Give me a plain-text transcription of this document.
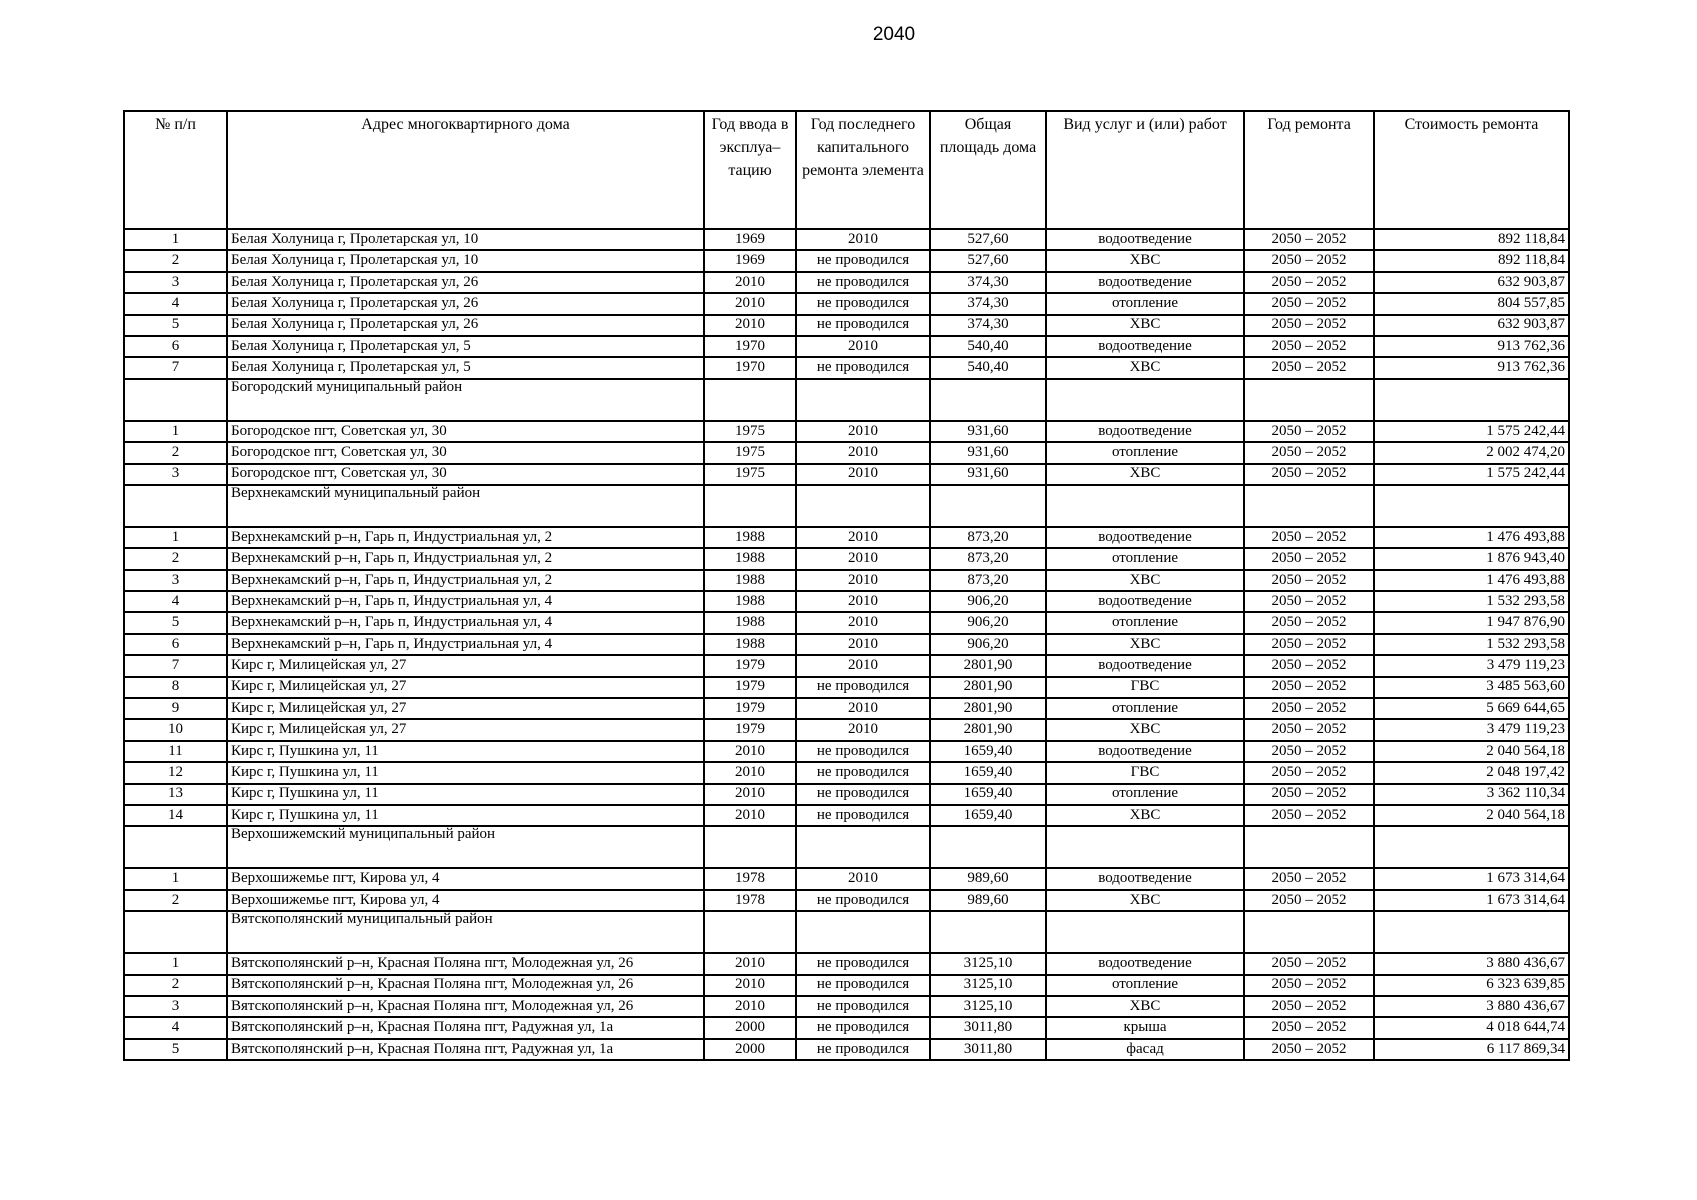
2040
№ п/п	Адрес многоквартирного дома	Год ввода в эксплуа– тацию	Год последнего капитального ремонта элемента	Общая площадь дома	Вид услуг и (или) работ	Год ремонта	Стоимость ремонта
1	Белая Холуница г, Пролетарская ул, 10	1969	2010	527,60	водоотведение	2050 – 2052	892 118,84
2	Белая Холуница г, Пролетарская ул, 10	1969	не проводился	527,60	ХВС	2050 – 2052	892 118,84
3	Белая Холуница г, Пролетарская ул, 26	2010	не проводился	374,30	водоотведение	2050 – 2052	632 903,87
4	Белая Холуница г, Пролетарская ул, 26	2010	не проводился	374,30	отопление	2050 – 2052	804 557,85
5	Белая Холуница г, Пролетарская ул, 26	2010	не проводился	374,30	ХВС	2050 – 2052	632 903,87
6	Белая Холуница г, Пролетарская ул, 5	1970	2010	540,40	водоотведение	2050 – 2052	913 762,36
7	Белая Холуница г, Пролетарская ул, 5	1970	не проводился	540,40	ХВС	2050 – 2052	913 762,36
	Богородский муниципальный район						
1	Богородское пгт, Советская ул, 30	1975	2010	931,60	водоотведение	2050 – 2052	1 575 242,44
2	Богородское пгт, Советская ул, 30	1975	2010	931,60	отопление	2050 – 2052	2 002 474,20
3	Богородское пгт, Советская ул, 30	1975	2010	931,60	ХВС	2050 – 2052	1 575 242,44
	Верхнекамский муниципальный район						
1	Верхнекамский р–н, Гарь п, Индустриальная ул, 2	1988	2010	873,20	водоотведение	2050 – 2052	1 476 493,88
2	Верхнекамский р–н, Гарь п, Индустриальная ул, 2	1988	2010	873,20	отопление	2050 – 2052	1 876 943,40
3	Верхнекамский р–н, Гарь п, Индустриальная ул, 2	1988	2010	873,20	ХВС	2050 – 2052	1 476 493,88
4	Верхнекамский р–н, Гарь п, Индустриальная ул, 4	1988	2010	906,20	водоотведение	2050 – 2052	1 532 293,58
5	Верхнекамский р–н, Гарь п, Индустриальная ул, 4	1988	2010	906,20	отопление	2050 – 2052	1 947 876,90
6	Верхнекамский р–н, Гарь п, Индустриальная ул, 4	1988	2010	906,20	ХВС	2050 – 2052	1 532 293,58
7	Кирс г, Милицейская ул, 27	1979	2010	2801,90	водоотведение	2050 – 2052	3 479 119,23
8	Кирс г, Милицейская ул, 27	1979	не проводился	2801,90	ГВС	2050 – 2052	3 485 563,60
9	Кирс г, Милицейская ул, 27	1979	2010	2801,90	отопление	2050 – 2052	5 669 644,65
10	Кирс г, Милицейская ул, 27	1979	2010	2801,90	ХВС	2050 – 2052	3 479 119,23
11	Кирс г, Пушкина ул, 11	2010	не проводился	1659,40	водоотведение	2050 – 2052	2 040 564,18
12	Кирс г, Пушкина ул, 11	2010	не проводился	1659,40	ГВС	2050 – 2052	2 048 197,42
13	Кирс г, Пушкина ул, 11	2010	не проводился	1659,40	отопление	2050 – 2052	3 362 110,34
14	Кирс г, Пушкина ул, 11	2010	не проводился	1659,40	ХВС	2050 – 2052	2 040 564,18
	Верхошижемский муниципальный район						
1	Верхошижемье пгт, Кирова ул, 4	1978	2010	989,60	водоотведение	2050 – 2052	1 673 314,64
2	Верхошижемье пгт, Кирова ул, 4	1978	не проводился	989,60	ХВС	2050 – 2052	1 673 314,64
	Вятскополянский муниципальный район						
1	Вятскополянский р–н, Красная Поляна пгт, Молодежная ул, 26	2010	не проводился	3125,10	водоотведение	2050 – 2052	3 880 436,67
2	Вятскополянский р–н, Красная Поляна пгт, Молодежная ул, 26	2010	не проводился	3125,10	отопление	2050 – 2052	6 323 639,85
3	Вятскополянский р–н, Красная Поляна пгт, Молодежная ул, 26	2010	не проводился	3125,10	ХВС	2050 – 2052	3 880 436,67
4	Вятскополянский р–н, Красная Поляна пгт, Радужная ул, 1а	2000	не проводился	3011,80	крыша	2050 – 2052	4 018 644,74
5	Вятскополянский р–н, Красная Поляна пгт, Радужная ул, 1а	2000	не проводился	3011,80	фасад	2050 – 2052	6 117 869,34
